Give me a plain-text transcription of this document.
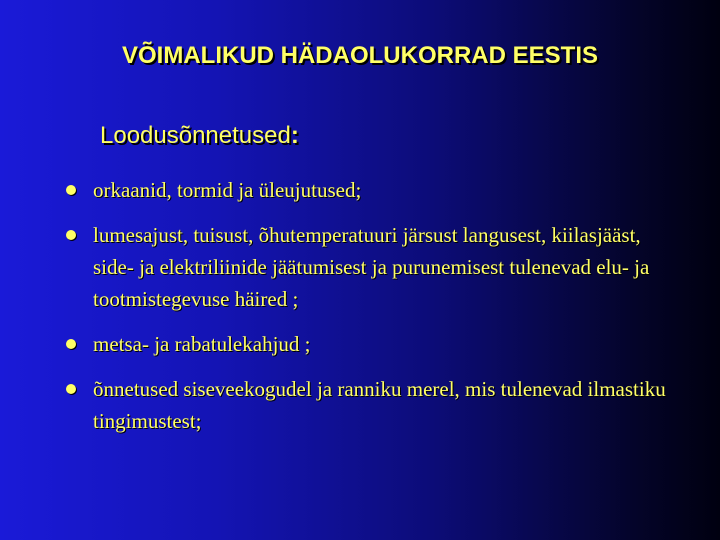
VÕIMALIKUD HÄDAOLUKORRAD EESTIS
Loodusõnnetused:
orkaanid, tormid ja üleujutused;
lumesajust, tuisust, õhutemperatuuri järsust langusest, kiilasjääst, side- ja elektriliinide jäätumisest ja purunemisest tulenevad elu- ja tootmistegevuse häired ;
metsa- ja rabatulekahjud ;
õnnetused siseveekogudel ja ranniku merel, mis tulenevad ilmastiku tingimustest;
